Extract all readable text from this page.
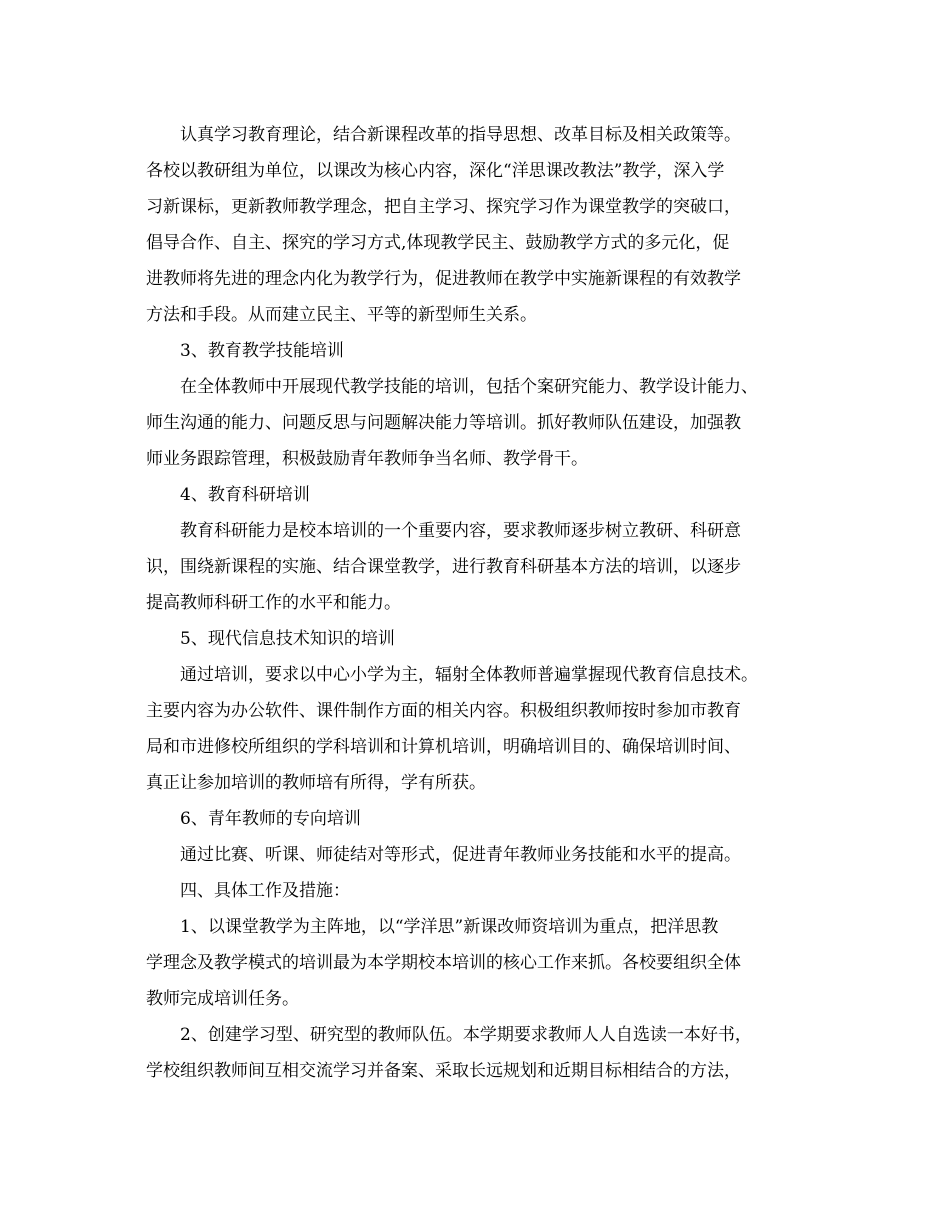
认真学习教育理论，结合新课程改革的指导思想、改革目标及相关政策等。
各校以教研组为单位，以课改为核心内容，深化“洋思课改教法”教学，深入学
习新课标，更新教师教学理念，把自主学习、探究学习作为课堂教学的突破口，
倡导合作、自主、探究的学习方式,体现教学民主、鼓励教学方式的多元化，促
进教师将先进的理念内化为教学行为，促进教师在教学中实施新课程的有效教学
方法和手段。从而建立民主、平等的新型师生关系。
3、教育教学技能培训
在全体教师中开展现代教学技能的培训，包括个案研究能力、教学设计能力、
师生沟通的能力、问题反思与问题解决能力等培训。抓好教师队伍建设，加强教
师业务跟踪管理，积极鼓励青年教师争当名师、教学骨干。
4、教育科研培训
教育科研能力是校本培训的一个重要内容，要求教师逐步树立教研、科研意
识，围绕新课程的实施、结合课堂教学，进行教育科研基本方法的培训，以逐步
提高教师科研工作的水平和能力。
5、现代信息技术知识的培训
通过培训，要求以中心小学为主，辐射全体教师普遍掌握现代教育信息技术。
主要内容为办公软件、课件制作方面的相关内容。积极组织教师按时参加市教育
局和市进修校所组织的学科培训和计算机培训，明确培训目的、确保培训时间、
真正让参加培训的教师培有所得，学有所获。
6、青年教师的专向培训
通过比赛、听课、师徒结对等形式，促进青年教师业务技能和水平的提高。
四、具体工作及措施：
1、以课堂教学为主阵地，以“学洋思”新课改师资培训为重点，把洋思教
学理念及教学模式的培训最为本学期校本培训的核心工作来抓。各校要组织全体
教师完成培训任务。
2、创建学习型、研究型的教师队伍。本学期要求教师人人自选读一本好书，
学校组织教师间互相交流学习并备案、采取长远规划和近期目标相结合的方法，
